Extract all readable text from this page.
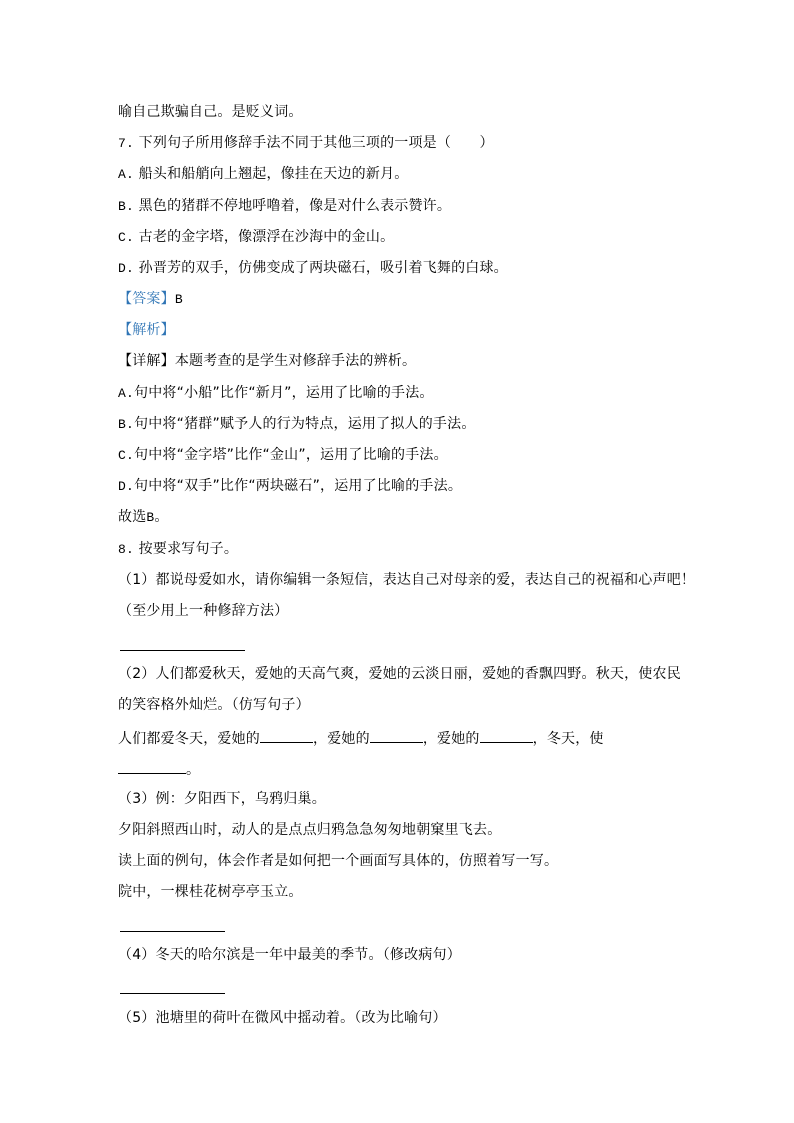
喻自己欺骗自己。是贬义词。
7. 下列句子所用修辞手法不同于其他三项的一项是（　　）
A. 船头和船艄向上翘起，像挂在天边的新月。
B. 黑色的猪群不停地呼噜着，像是对什么表示赞许。
C. 古老的金字塔，像漂浮在沙海中的金山。
D. 孙晋芳的双手，仿佛变成了两块磁石，吸引着飞舞的白球。
【答案】B
【解析】
【详解】本题考查的是学生对修辞手法的辨析。
A.句中将“小船”比作“新月”，运用了比喻的手法。
B.句中将“猪群”赋予人的行为特点，运用了拟人的手法。
C.句中将“金字塔”比作“金山”，运用了比喻的手法。
D.句中将“双手”比作“两块磁石”，运用了比喻的手法。
故选B。
8. 按要求写句子。
（1）都说母爱如水，请你编辑一条短信，表达自己对母亲的爱，表达自己的祝福和心声吧！
（至少用上一种修辞方法）
（2）人们都爱秋天，爱她的天高气爽，爱她的云淡日丽，爱她的香飘四野。秋天，使农民
的笑容格外灿烂。（仿写句子）
人们都爱冬天，爱她的	，爱她的	，爱她的	，冬天，使
。
（3）例：夕阳西下，乌鸦归巢。
夕阳斜照西山时，动人的是点点归鸦急急匆匆地朝窠里飞去。
读上面的例句，体会作者是如何把一个画面写具体的，仿照着写一写。
院中，一棵桂花树亭亭玉立。
（4）冬天的哈尔滨是一年中最美的季节。（修改病句）
（5）池塘里的荷叶在微风中摇动着。（改为比喻句）
